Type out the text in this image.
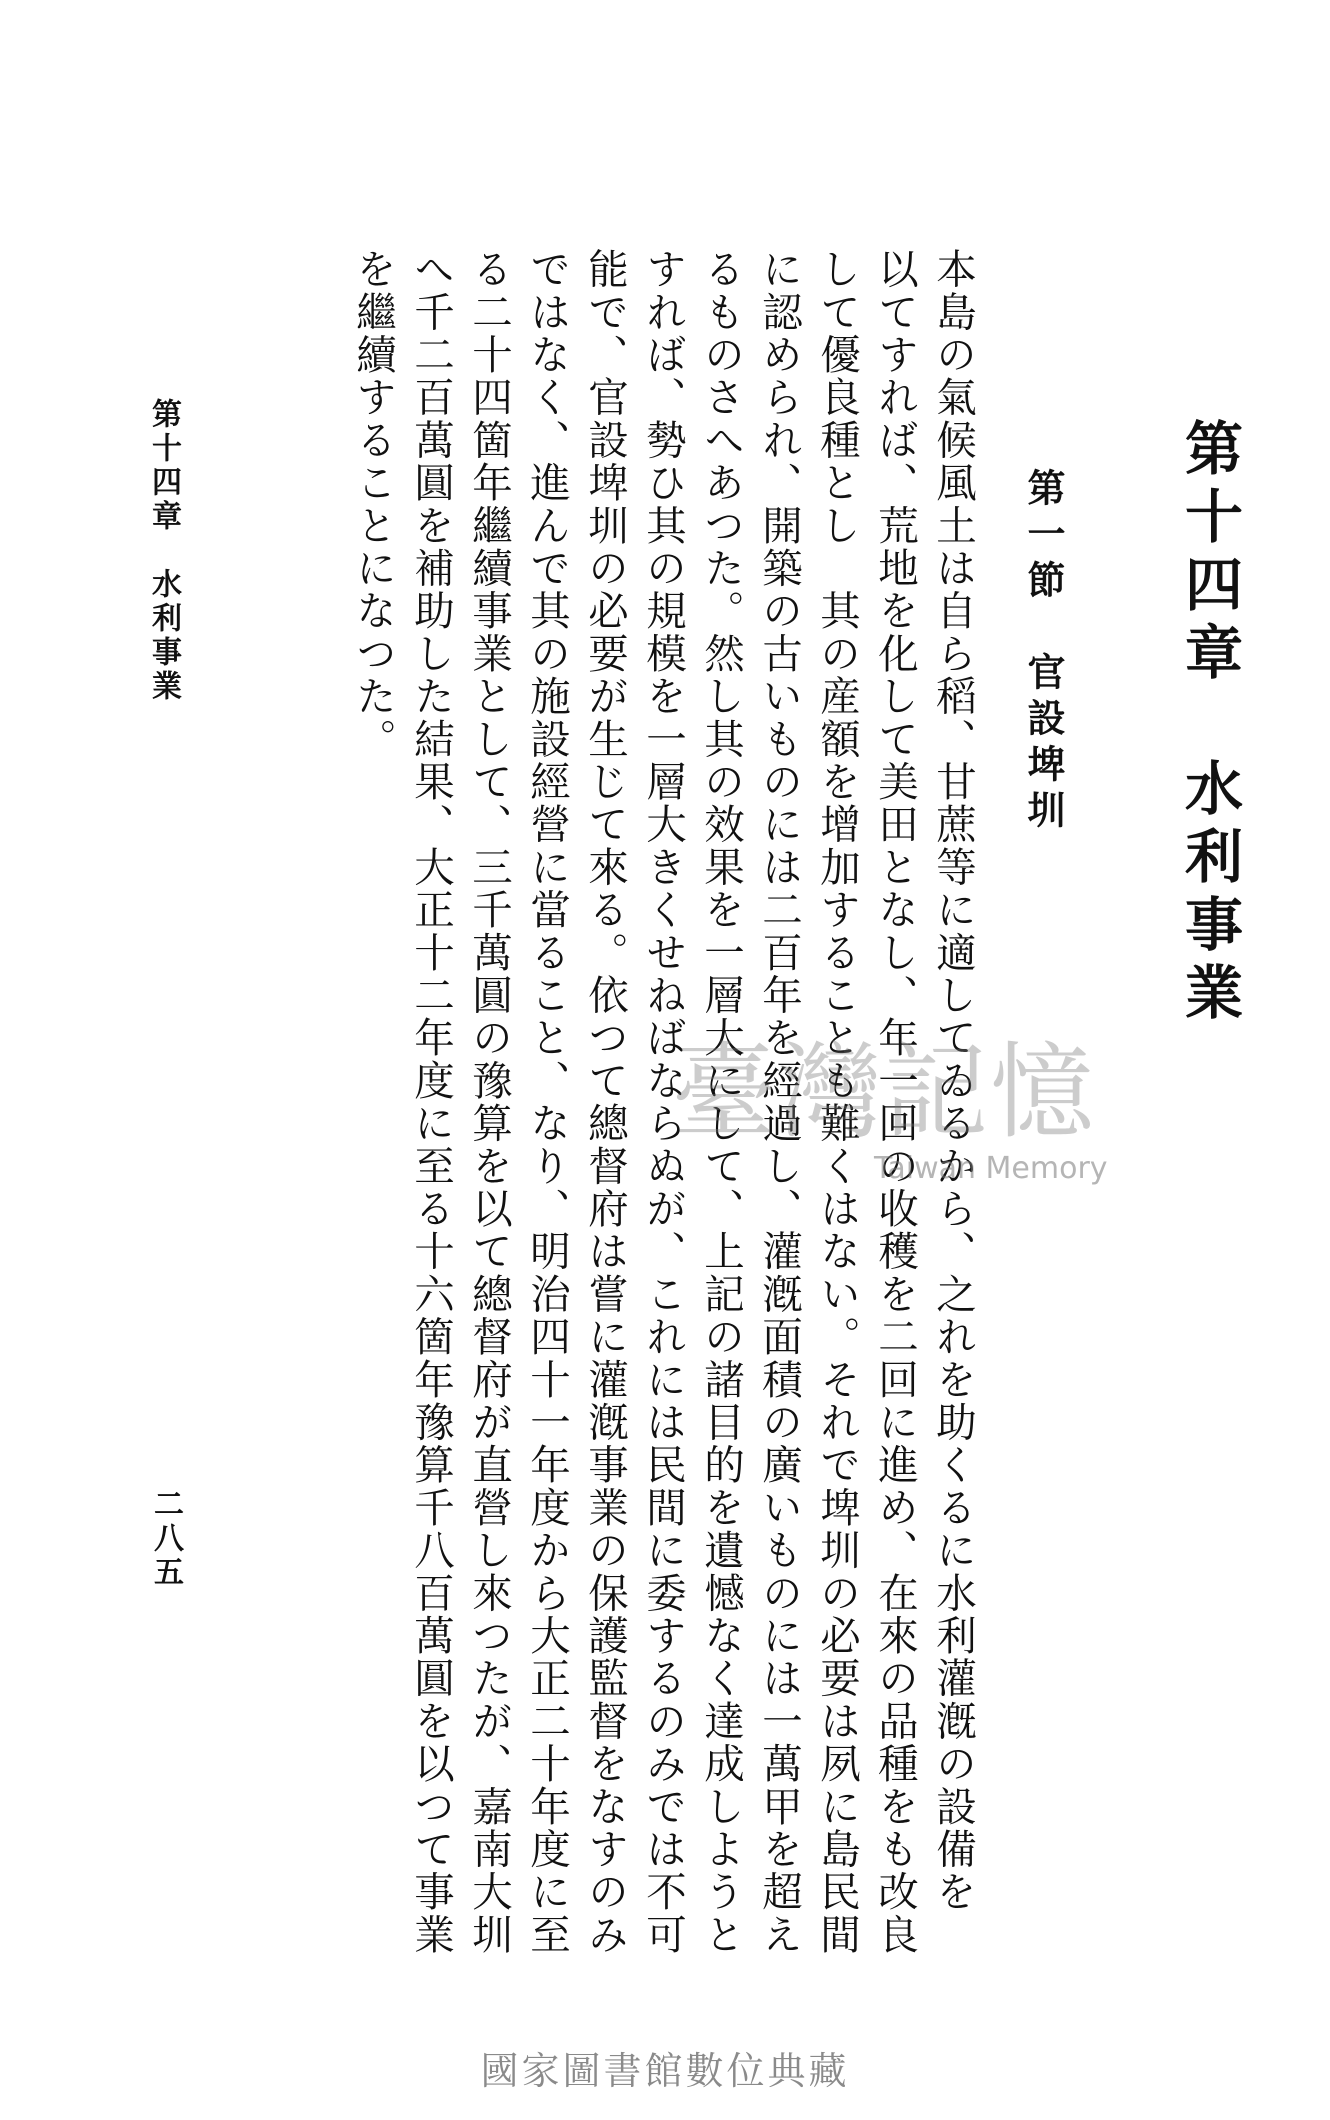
第十四章　水利事業
第一節　官設埤圳
本島の氣候風土は自ら稻、甘蔗等に適してゐるから、之れを助くるに水利灌漑の設備を
以てすれば、荒地を化して美田となし、年一回の收穫を二回に進め、在來の品種をも改良
して優良種とし　其の産額を增加することも難くはない。それで埤圳の必要は夙に島民間
に認められ、開築の古いものには二百年を經過し、灌漑面積の廣いものには一萬甲を超え
るものさへあつた。然し其の效果を一層大にして、上記の諸目的を遺憾なく達成しようと
すれば、勢ひ其の規模を一層大きくせねばならぬが、これには民間に委するのみでは不可
能で、官設埤圳の必要が生じて來る。依つて總督府は嘗に灌漑事業の保護監督をなすのみ
ではなく、進んで其の施設經營に當ること、なり、明治四十一年度から大正二十年度に至
る二十四箇年繼續事業として、三千萬圓の豫算を以て總督府が直營し來つたが、嘉南大圳
へ千二百萬圓を補助した結果、大正十二年度に至る十六箇年豫算千八百萬圓を以つて事業
を繼續することになつた。
第十四章　水利事業
二八五
臺灣記憶
Taiwan Memory
國家圖書館數位典藏
